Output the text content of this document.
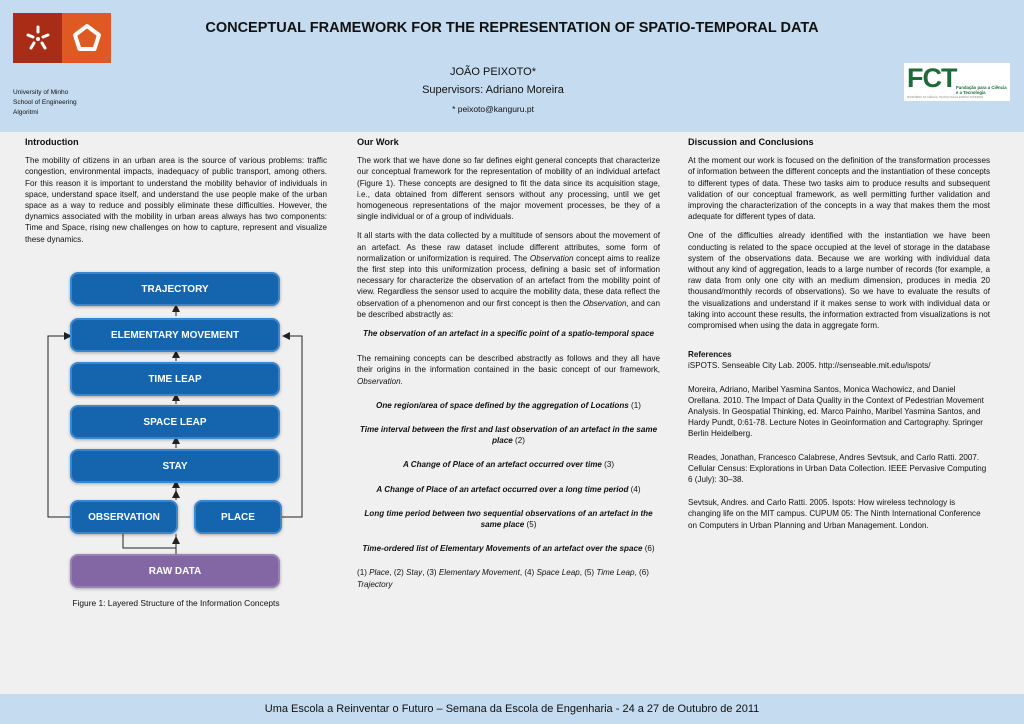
University of Minho
School of Engineering
Algoritmi
CONCEPTUAL FRAMEWORK FOR THE REPRESENTATION OF SPATIO-TEMPORAL DATA
JOÃO PEIXOTO*
Supervisors: Adriano Moreira
* peixoto@kanguru.pt
FCT Fundação para a Ciência e a Tecnologia
MINISTÉRIO DA CIÊNCIA, TECNOLOGIA E ENSINO SUPERIOR
Introduction

The mobility of citizens in an urban area is the source of various problems: traffic congestion, environmental impacts, inadequacy of public transport, among others. For this reason it is important to understand the mobility behavior of individuals in space, understand space itself, and understand the use people make of the urban space as a way to reduce and possibly eliminate these difficulties. However, the dynamics associated with the mobility in urban areas always has two components: Time and Space, rising new challenges on how to capture, represent and visualize these dynamics.

TRAJECTORY
ELEMENTARY MOVEMENT
TIME LEAP
SPACE LEAP
STAY
OBSERVATION	PLACE
RAW DATA
Figure 1: Layered Structure of the Information Concepts
Our Work

The work that we have done so far defines eight general concepts that characterize our conceptual framework for the representation of mobility of an individual artefact (Figure 1). These concepts are designed to fit the data since its acquisition stage, i.e., data obtained from different sensors without any processing, until we get homogeneous representations of the major movement processes, be they of a single individual or of a group of individuals.

It all starts with the data collected by a multitude of sensors about the movement of an artefact. As these raw dataset include different attributes, some form of normalization or uniformization is required. The Observation concept aims to realize the first step into this uniformization process, defining a basic set of information necessary for characterize the observation of an artefact from the mobility point of view. Regardless the sensor used to acquire the mobility data, these data reflect the observation of a phenomenon and our first concept is then the Observation, and can be described abstractly as:

The observation of an artefact in a specific point of a spatio-temporal space

The remaining concepts can be described abstractly as follows and they all have their origins in the information contained in the basic concept of our framework, Observation.

One region/area of space defined by the aggregation of Locations (1)

Time interval between the first and last observation of an artefact in the same place (2)

A Change of Place of an artefact occurred over time (3)

A Change of Place of an artefact occurred over a long time period (4)

Long time period between two sequential observations of an artefact in the same place (5)

Time-ordered list of Elementary Movements of an artefact over the space (6)

(1) Place, (2) Stay, (3) Elementary Movement, (4) Space Leap, (5) Time Leap, (6) Trajectory

Discussion and Conclusions

At the moment our work is focused on the definition of the transformation processes of information between the different concepts and the instantiation of these concepts to different types of data. These two tasks aim to produce results and subsequent validation of our conceptual framework, as well permitting further validation and improving the characterization of the concepts in a way that makes them the most adequate for different types of data.

One of the difficulties already identified with the instantiation we have been conducting is related to the space occupied at the level of storage in the database system of the observations data. Because we are working with individual data without any kind of aggregation, leads to a large number of records (for example, a raw data from only one city with an medium dimension, produces in media 20 thousand/monthly records of observations). So we have to evaluate the results of the visualizations and understand if it makes sense to work with individual data or taking into account these results, the information extracted from visualizations is not compromised when using the data in aggregate form.

References

iSPOTS. Senseable City Lab. 2005. http://senseable.mit.edu/ispots/

Moreira, Adriano, Maribel Yasmina Santos, Monica Wachowicz, and Daniel Orellana. 2010. The Impact of Data Quality in the Context of Pedestrian Movement Analysis. In Geospatial Thinking, ed. Marco Painho, Maribel Yasmina Santos, and Hardy Pundt, 0:61-78. Lecture Notes in Geoinformation and Cartography. Springer Berlin Heidelberg.

Reades, Jonathan, Francesco Calabrese, Andres Sevtsuk, and Carlo Ratti. 2007. Cellular Census: Explorations in Urban Data Collection. IEEE Pervasive Computing 6 (July): 30–38.

Sevtsuk, Andres. and Carlo Ratti. 2005. Ispots: How wireless technology is changing life on the MIT campus. CUPUM 05: The Ninth International Conference on Computers in Urban Planning and Urban Management. London.

Uma Escola a Reinventar o Futuro – Semana da Escola de Engenharia - 24 a 27 de Outubro de 2011
